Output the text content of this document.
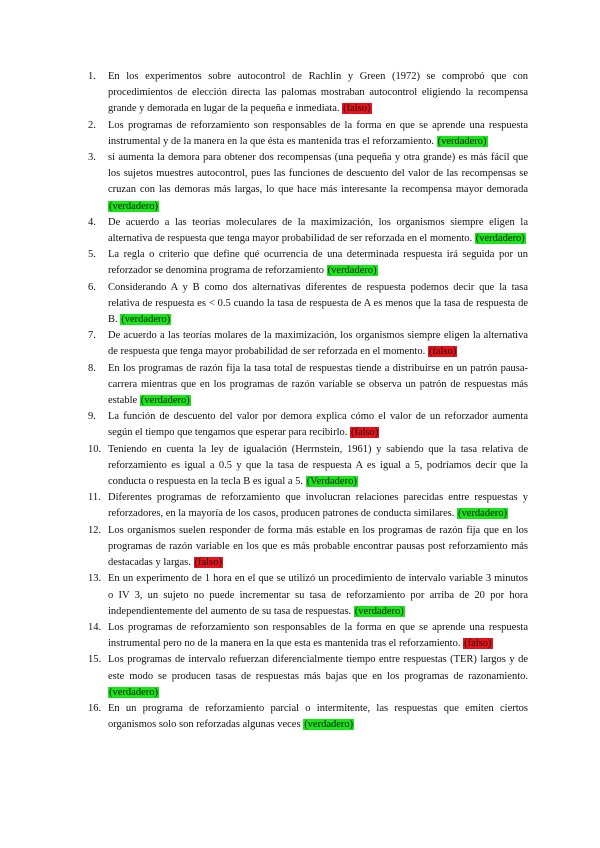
1.	En los experimentos sobre autocontrol de Rachlin y Green (1972) se comprobó que con procedimientos de elección directa las palomas mostraban autocontrol eligiendo la recompensa grande y demorada en lugar de la pequeña e inmediata. (falso)
2.	Los programas de reforzamiento son responsables de la forma en que se aprende una respuesta instrumental y de la manera en la que ésta es mantenida tras el reforzamiento. (verdadero)
3.	si aumenta la demora para obtener dos recompensas (una pequeña y otra grande) es más fácil que los sujetos muestres autocontrol, pues las funciones de descuento del valor de las recompensas se cruzan con las demoras más largas, lo que hace más interesante la recompensa mayor demorada (verdadero)
4.	De acuerdo a las teorías moleculares de la maximización, los organismos siempre eligen la alternativa de respuesta que tenga mayor probabilidad de ser reforzada en el momento. (verdadero)
5.	La regla o criterio que define qué ocurrencia de una determinada respuesta irá seguida por un reforzador se denomina programa de reforzamiento (verdadero)
6.	Considerando A y B como dos alternativas diferentes de respuesta podemos decir que la tasa relativa de respuesta es < 0.5 cuando la tasa de respuesta de A es menos que la tasa de respuesta de B. (verdadero)
7.	De acuerdo a las teorías molares de la maximización, los organismos siempre eligen la alternativa de respuesta que tenga mayor probabilidad de ser reforzada en el momento. (falso)
8.	En los programas de razón fija la tasa total de respuestas tiende a distribuirse en un patrón pausa-carrera mientras que en los programas de razón variable se observa un patrón de respuestas más estable (verdadero)
9.	La función de descuento del valor por demora explica cómo el valor de un reforzador aumenta según el tiempo que tengamos que esperar para recibirlo. (falso)
10. Teniendo en cuenta la ley de igualación (Herrnstein, 1961) y sabiendo que la tasa relativa de reforzamiento es igual a 0.5 y que la tasa de respuesta A es igual a 5, podríamos decir que la conducta o respuesta en la tecla B es igual a 5. (Verdadero)
11. Diferentes programas de reforzamiento que involucran relaciones parecidas entre respuestas y reforzadores, en la mayoría de los casos, producen patrones de conducta similares. (verdadero)
12. Los organismos suelen responder de forma más estable en los programas de razón fija que en los programas de razón variable en los que es más probable encontrar pausas post reforzamiento más destacadas y largas. (falso)
13. En un experimento de 1 hora en el que se utilizó un procedimiento de intervalo variable 3 minutos o IV 3, un sujeto no puede incrementar su tasa de reforzamiento por arriba de 20 por hora independientemente del aumento de su tasa de respuestas. (verdadero)
14. Los programas de reforzamiento son responsables de la forma en que se aprende una respuesta instrumental pero no de la manera en la que esta es mantenida tras el reforzamiento. (falso)
15. Los programas de intervalo refuerzan diferencialmente tiempo entre respuestas (TER) largos y de este modo se producen tasas de respuestas más bajas que en los programas de razonamiento. (verdadero)
16. En un programa de reforzamiento parcial o intermitente, las respuestas que emiten ciertos organismos solo son reforzadas algunas veces (verdadero)
